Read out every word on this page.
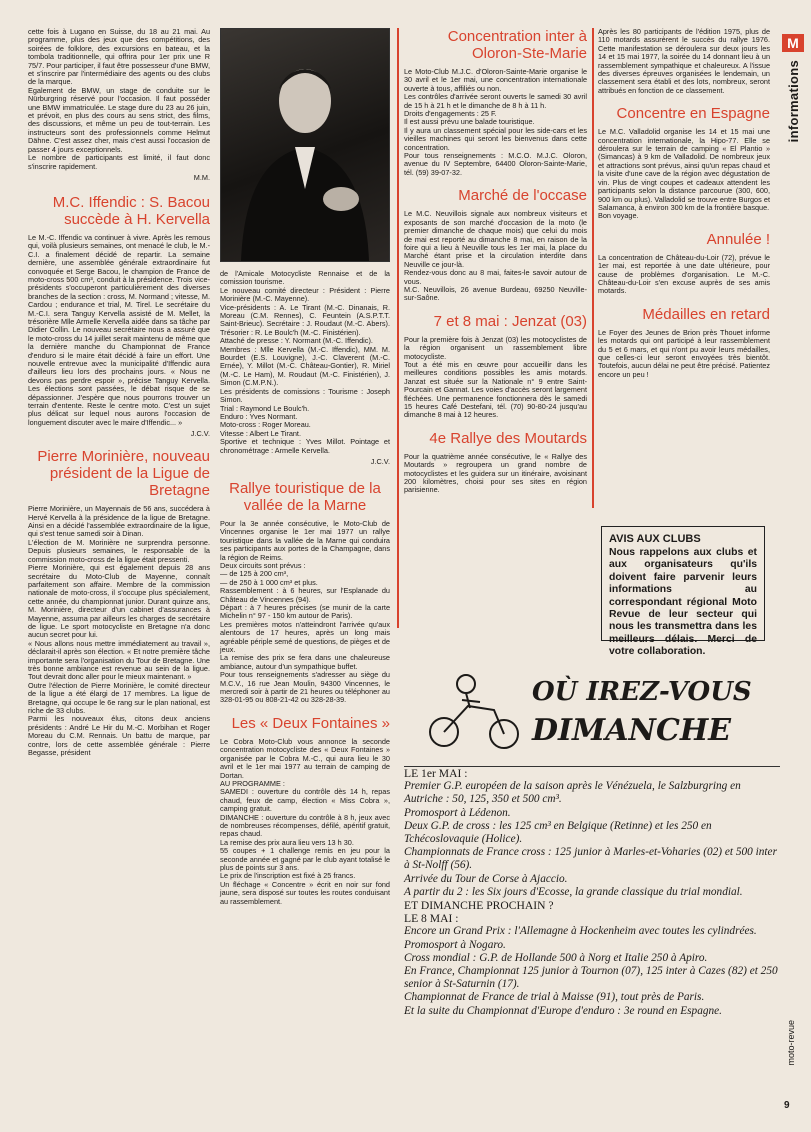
M
informations
moto-revue
9

cette fois à Lugano en Suisse, du 18 au 21 mai. Au programme, plus des jeux que des compétitions, des soirées de folklore, des excursions en bateau, et la tombola traditionnelle, qui offrira pour 1er prix une R 75/7. Pour participer, il faut être possesseur d'une BMW, et s'inscrire par l'intermédiaire des agents ou des clubs de la marque.
Egalement de BMW, un stage de conduite sur le Nürburgring réservé pour l'occasion. Il faut posséder une BMW immatriculée. Le stage dure du 23 au 26 juin, et prévoit, en plus des cours au sens strict, des films, des discussions, et même un peu de tout-terrain. Les instructeurs sont des professionnels comme Helmut Dähne. C'est assez cher, mais c'est aussi l'occasion de passer 4 jours exceptionnels.
Le nombre de participants est limité, il faut donc s'inscrire rapidement.

M.M.

M.C. Iffendic : S. Bacou succède à H. Kervella

Le M.-C. Iffendic va continuer à vivre. Après les remous qui, voilà plusieurs semaines, ont menacé le club, le M.-C.I. a finalement décidé de repartir. La semaine dernière, une assemblée générale extraordinaire fut convoquée et Serge Bacou, le champion de France de moto-cross 500 cm³, conduit à la présidence. Trois vice-présidents s'occuperont particulièrement des diverses branches de la section : cross, M. Normand ; vitesse, M. Cardou ; endurance et trial, M. Tirel. Le secrétaire du M.-C.I. sera Tanguy Kervella assisté de M. Mellet, la trésorière Mlle Armelle Kervella aidée dans sa tâche par Didier Collin. Le nouveau secrétaire nous a assuré que le moto-cross du 14 juillet serait maintenu de même que la dernière manche du Championnat de France d'enduro si le maire était décidé à faire un effort. Une nouvelle entrevue avec la municipalité d'Iffendic aura d'ailleurs lieu lors des prochains jours. « Nous ne devons pas perdre espoir », précise Tanguy Kervella. Les élections sont passées, le débat risque de se dépassionner. J'espère que nous pourrons trouver un terrain d'entente. Reste le centre moto. C'est un sujet plus délicat sur lequel nous aurons l'occasion de longuement discuter avec le maire d'Iffendic... »

J.C.V.

Pierre Morinière, nouveau président de la Ligue de Bretagne

Pierre Morinière, un Mayennais de 56 ans, succédera à Hervé Kervella à la présidence de la ligue de Bretagne. Ainsi en a décidé l'assemblée extraordinaire de la ligue, qui s'est tenue samedi soir à Dinan.
L'élection de M. Morinière ne surprendra personne. Depuis plusieurs semaines, le responsable de la commission moto-cross de la ligue était pressenti.
Pierre Morinière, qui est également depuis 28 ans secrétaire du Moto-Club de Mayenne, connaît parfaitement son affaire. Membre de la commission nationale de moto-cross, il s'occupe plus spécialement, cette année, du championnat junior. Durant quinze ans, M. Morinière, directeur d'un cabinet d'assurances à Mayenne, assuma par ailleurs les charges de secrétaire de ligue. Le sport motocycliste en Bretagne n'a donc aucun secret pour lui.
« Nous allons nous mettre immédiatement au travail », déclarait-il après son élection. « Et notre première tâche importante sera l'organisation du Tour de Bretagne. Une très bonne ambiance est revenue au sein de la ligue. Tout devrait donc aller pour le mieux maintenant. »
Outre l'élection de Pierre Morinière, le comité directeur de la ligue a été élargi de 17 membres. La ligue de Bretagne, qui occupe le 6e rang sur le plan national, est riche de 33 clubs.
Parmi les nouveaux élus, citons deux anciens présidents : André Le Hir du M.-C. Morbihan et Roger Moreau du C.M. Rennais. Un battu de marque, par contre, lors de cette assemblée générale : Pierre Begasse, président

de l'Amicale Motocycliste Rennaise et de la comission tourisme.
Le nouveau comité directeur : Président : Pierre Morinière (M.-C. Mayenne).
Vice-présidents : A. Le Tirant (M.-C. Dinanais, R. Moreau (C.M. Rennes), C. Feuntein (A.S.P.T.T. Saint-Brieuc). Secrétaire : J. Roudaut (M.-C. Abers). Trésorier : R. Le Boulc'h (M.-C. Finistérien).
Attaché de presse : Y. Normant (M.-C. Iffendic).
Membres : Mlle Kervella (M.-C. Iffendic), MM. M. Bourdet (E.S. Louvigne), J.-C. Claverent (M.-C. Ernée), Y. Millot (M.-C. Château-Gontier), R. Miriel (M.-C. Le Ham), M. Roudaut (M.-C. Finistérien), J. Simon (C.M.P.N.).
Les présidents de comissions : Tourisme : Joseph Simon.
Trial : Raymond Le Boulc'h.
Enduro : Yves Normant.
Moto-cross : Roger Moreau.
Vitesse : Albert Le Tirant.
Sportive et technique : Yves Millot. Pointage et chronométrage : Armelle Kervella.

J.C.V.

Rallye touristique de la vallée de la Marne

Pour la 3e année consécutive, le Moto-Club de Vincennes organise le 1er mai 1977 un rallye touristique dans la vallée de la Marne qui conduira ses participants aux portes de la Champagne, dans la région de Reims.
Deux circuits sont prévus :
— de 125 à 200 cm³,
— de 250 à 1 000 cm³ et plus.
Rassemblement : à 6 heures, sur l'Esplanade du Château de Vincennes (94).
Départ : à 7 heures précises (se munir de la carte Michelin n° 97 - 150 km autour de Paris).
Les premières motos n'atteindront l'arrivée qu'aux alentours de 17 heures, après un long mais agréable périple semé de questions, de pièges et de jeux.
La remise des prix se fera dans une chaleureuse ambiance, autour d'un sympathique buffet.
Pour tous renseignements s'adresser au siège du M.C.V., 16 rue Jean Moulin, 94300 Vincennes, le mercredi soir à partir de 21 heures ou téléphoner au 328-01-95 ou 808-21-42 ou 328-28-39.

Les « Deux Fontaines »

Le Cobra Moto-Club vous annonce la seconde concentration motocycliste des « Deux Fontaines » organisée par le Cobra M.-C., qui aura lieu le 30 avril et le 1er mai 1977 au terrain de camping de Dortan.
AU PROGRAMME :
SAMEDI : ouverture du contrôle dès 14 h, repas chaud, feux de camp, élection « Miss Cobra », camping gratuit.
DIMANCHE : ouverture du contrôle à 8 h, jeux avec de nombreuses récompenses, défilé, apéritif gratuit, repas chaud.
La remise des prix aura lieu vers 13 h 30.
55 coupes + 1 challenge remis en jeu pour la seconde année et gagné par le club ayant totalisé le plus de points sur 3 ans.
Le prix de l'inscription est fixé à 25 francs.
Un fléchage « Concentre » écrit en noir sur fond jaune, sera disposé sur toutes les routes conduisant au rassemblement.

Concentration inter à Oloron-Ste-Marie

Le Moto-Club M.J.C. d'Oloron-Sainte-Marie organise le 30 avril et le 1er mai, une concentration internationale ouverte à tous, affiliés ou non.
Les contrôles d'arrivée seront ouverts le samedi 30 avril de 15 h à 21 h et le dimanche de 8 h à 11 h.
Droits d'engagements : 25 F.
Il est aussi prévu une balade touristique.
Il y aura un classement spécial pour les side-cars et les vieilles machines qui seront les bienvenus dans cette concentration.
Pour tous renseignements : M.C.O. M.J.C. Oloron, avenue du IV Septembre, 64400 Oloron-Sainte-Marie, tél. (59) 39-07-32.

Marché de l'occase

Le M.C. Neuvillois signale aux nombreux visiteurs et exposants de son marché d'occasion de la moto (le premier dimanche de chaque mois) que celui du mois de mai est reporté au dimanche 8 mai, en raison de la foire qui a lieu à Neuville tous les 1er mai, la place du Marché étant prise et la circulation interdite dans Neuville ce jour-là.
Rendez-vous donc au 8 mai, faites-le savoir autour de vous.
M.C. Neuvillois, 26 avenue Burdeau, 69250 Neuville-sur-Saône.

7 et 8 mai : Jenzat (03)

Pour la première fois à Jenzat (03) les motocyclistes de la région organisent un rassemblement libre motocycliste.
Tout a été mis en œuvre pour accueillir dans les meilleures conditions possibles les amis motards. Janzat est située sur la Nationale n° 9 entre Saint-Pourcain et Gannat. Les voies d'accès seront largement fléchées. Une permanence fonctionnera dès le samedi 15 heures Café Destefani, tél. (70) 90-80-24 jusqu'au dimanche 8 mai à 12 heures.

4e Rallye des Moutards

Pour la quatrième année consécutive, le « Rallye des Moutards » regroupera un grand nombre de motocyclistes et les guidera sur un itinéraire, avoisinant 200 kilomètres, choisi pour ses sites en région parisienne.

Après les 80 participants de l'édition 1975, plus de 110 motards assurèrent le succès du rallye 1976. Cette manifestation se déroulera sur deux jours les 14 et 15 mai 1977, la soirée du 14 donnant lieu à un rassemblement sympathique et chaleureux. A l'issue des diverses épreuves organisées le lendemain, un classement sera établi et des lots, nombreux, seront attribués en fonction de ce classement.

Concentre en Espagne

Le M.C. Valladolid organise les 14 et 15 mai une concentration internationale, la Hipo-77. Elle se déroulera sur le terrain de camping « El Plantio » (Simancas) à 9 km de Valladolid. De nombreux jeux et attractions sont prévus, ainsi qu'un repas chaud et la visite d'une cave de la région avec dégustation de vin. Plus de vingt coupes et cadeaux attendent les participants selon la distance parcourue (300, 600, 900 km ou plus). Valladolid se trouve entre Burgos et Salamanca, à environ 300 km de la frontière basque.
Bon voyage.

Annulée !

La concentration de Château-du-Loir (72), prévue le 1er mai, est reportée à une date ultérieure, pour cause de problèmes d'organisation. Le M.-C. Château-du-Loir s'en excuse auprès de ses amis motards.

Médailles en retard

Le Foyer des Jeunes de Brion près Thouet informe les motards qui ont participé à leur rassemblement du 5 et 6 mars, et qui n'ont pu avoir leurs médailles, que celles-ci leur seront envoyées très bientôt. Toutefois, aucun délai ne peut être précisé. Patientez encore un peu !

AVIS AUX CLUBS

Nous rappelons aux clubs et aux organisateurs qu'ils doivent faire parvenir leurs informations au correspondant régional Moto Revue de leur secteur qui nous les transmettra dans les meilleurs délais. Merci de votre collaboration.

OÙ IREZ-VOUS
DIMANCHE

LE 1er MAI :

Premier G.P. européen de la saison après le Vénézuela, le Salzburgring en Autriche : 50, 125, 350 et 500 cm³.

Promosport à Lédenon.

Deux G.P. de cross : les 125 cm³ en Belgique (Retinne) et les 250 en Tchécoslovaquie (Holice).

Championnats de France cross : 125 junior à Marles-et-Voharies (02) et 500 inter à St-Nolff (56).

Arrivée du Tour de Corse à Ajaccio.

A partir du 2 : les Six jours d'Ecosse, la grande classique du trial mondial.

ET DIMANCHE PROCHAIN ?

LE 8 MAI :

Encore un Grand Prix : l'Allemagne à Hockenheim avec toutes les cylindrées.

Promosport à Nogaro.

Cross mondial : G.P. de Hollande 500 à Norg et Italie 250 à Apiro.

En France, Championnat 125 junior à Tournon (07), 125 inter à Cazes (82) et 250 senior à St-Saturnin (17).

Championnat de France de trial à Maisse (91), tout près de Paris.

Et la suite du Championnat d'Europe d'enduro : 3e round en Espagne.
